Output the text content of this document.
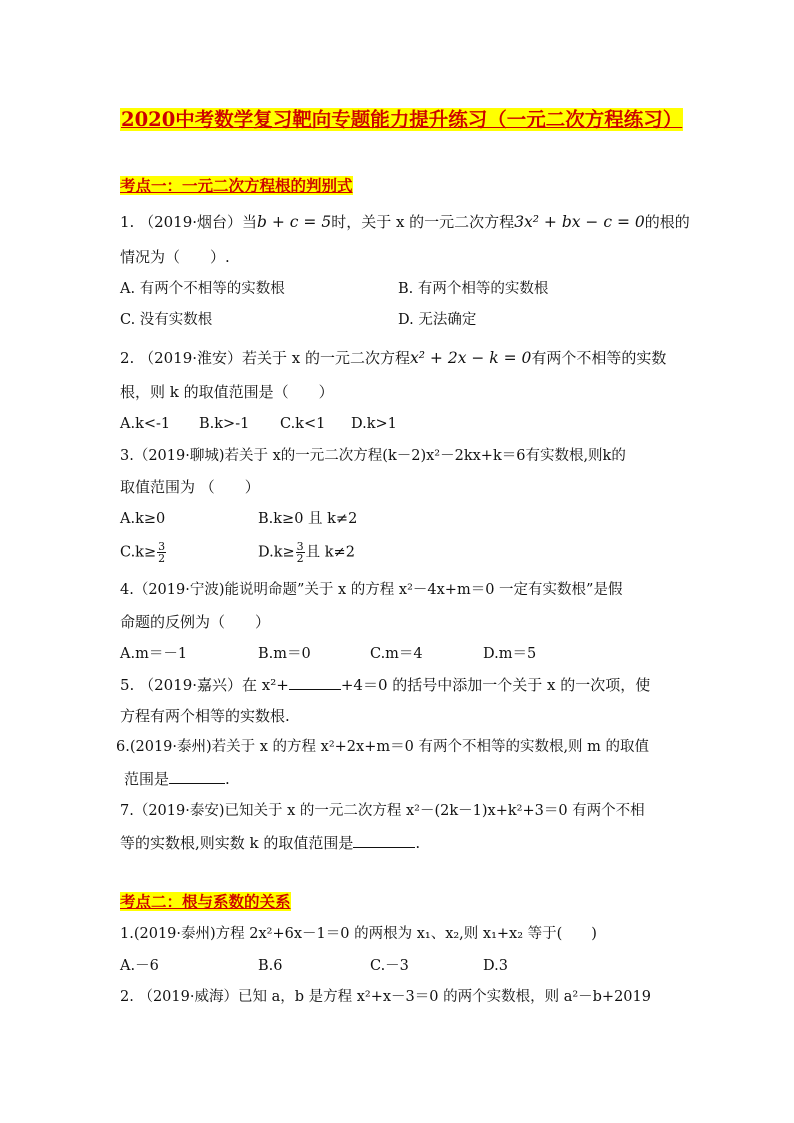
2020中考数学复习靶向专题能力提升练习（一元二次方程练习）
考点一：一元二次方程根的判别式
1. （2019·烟台）当b + c = 5时，关于 x 的一元二次方程3x² + bx − c = 0的根的
情况为（　　）.
A. 有两个不相等的实数根	B. 有两个相等的实数根
C. 没有实数根	D. 无法确定
2. （2019·淮安）若关于 x 的一元二次方程x² + 2x − k = 0有两个不相等的实数
根，则 k 的取值范围是（　　）
A.k<-1 B.k>-1 C.k<1 D.k>1
3.（2019·聊城)若关于 x的一元二次方程(k－2)x²－2kx+k＝6有实数根,则k的
取值范围为 （　　）
A.k≥0	B.k≥0 且 k≠2
$C.k\ge \frac{3}{2}$	$D.k\ge \frac{3}{2}$ 且 k≠2
4.（2019·宁波)能说明命题”关于 x 的方程 x²－4x+m＝0 一定有实数根”是假
命题的反例为（　　）
A.m＝－1	B.m＝0	C.m＝4	D.m＝5
5. （2019·嘉兴）在 x²+	+4＝0 的括号中添加一个关于 x 的一次项，使
方程有两个相等的实数根.
6.(2019·泰州)若关于 x 的方程 x²+2x+m＝0 有两个不相等的实数根,则 m 的取值
范围是	.
7.（2019·泰安)已知关于 x 的一元二次方程 x²－(2k－1)x+k²+3＝0 有两个不相
等的实数根,则实数 k 的取值范围是	.
考点二：根与系数的关系
1.(2019·泰州)方程 2x²+6x－1＝0 的两根为 x₁、x₂,则 x₁+x₂ 等于(　　)
A.－6	B.6	C.－3	D.3
2. （2019·威海）已知 a，b 是方程 x²+x－3＝0 的两个实数根，则 a²－b+2019
